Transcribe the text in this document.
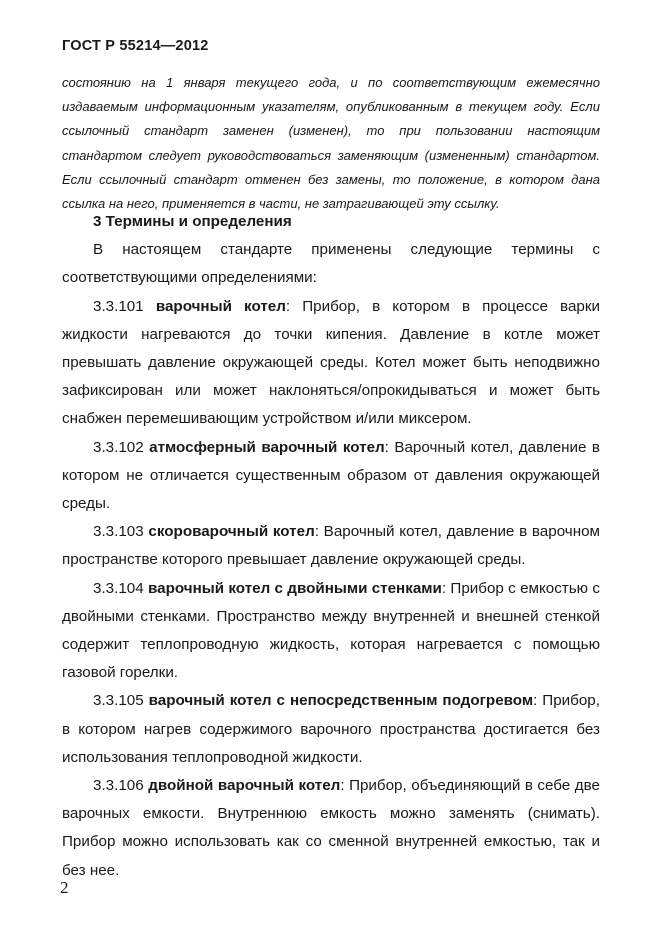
ГОСТ Р 55214—2012
состоянию на 1 января текущего года, и по соответствующим ежемесячно издаваемым информационным указателям, опубликованным в текущем году. Если ссылочный стандарт заменен (изменен), то при пользовании настоящим стандартом следует руководствоваться заменяющим (измененным) стандартом. Если ссылочный стандарт отменен без замены, то положение, в котором дана ссылка на него, применяется в части, не затрагивающей эту ссылку.
3 Термины и определения

В настоящем стандарте применены следующие термины с соответствующими определениями:

3.3.101 варочный котел: Прибор, в котором в процессе варки жидкости нагреваются до точки кипения. Давление в котле может превышать давление окружающей среды. Котел может быть неподвижно зафиксирован или может наклоняться/опрокидываться и может быть снабжен перемешивающим устройством и/или миксером.

3.3.102 атмосферный варочный котел: Варочный котел, давление в котором не отличается существенным образом от давления окружающей среды.

3.3.103 скороварочный котел: Варочный котел, давление в варочном пространстве которого превышает давление окружающей среды.

3.3.104 варочный котел с двойными стенками: Прибор с емкостью с двойными стенками. Пространство между внутренней и внешней стенкой содержит теплопроводную жидкость, которая нагревается с помощью газовой горелки.

3.3.105 варочный котел с непосредственным подогревом: Прибор, в котором нагрев содержимого варочного пространства достигается без использования теплопроводной жидкости.

3.3.106 двойной варочный котел: Прибор, объединяющий в себе две варочных емкости. Внутреннюю емкость можно заменять (снимать). Прибор можно использовать как со сменной внутренней емкостью, так и без нее.

2
